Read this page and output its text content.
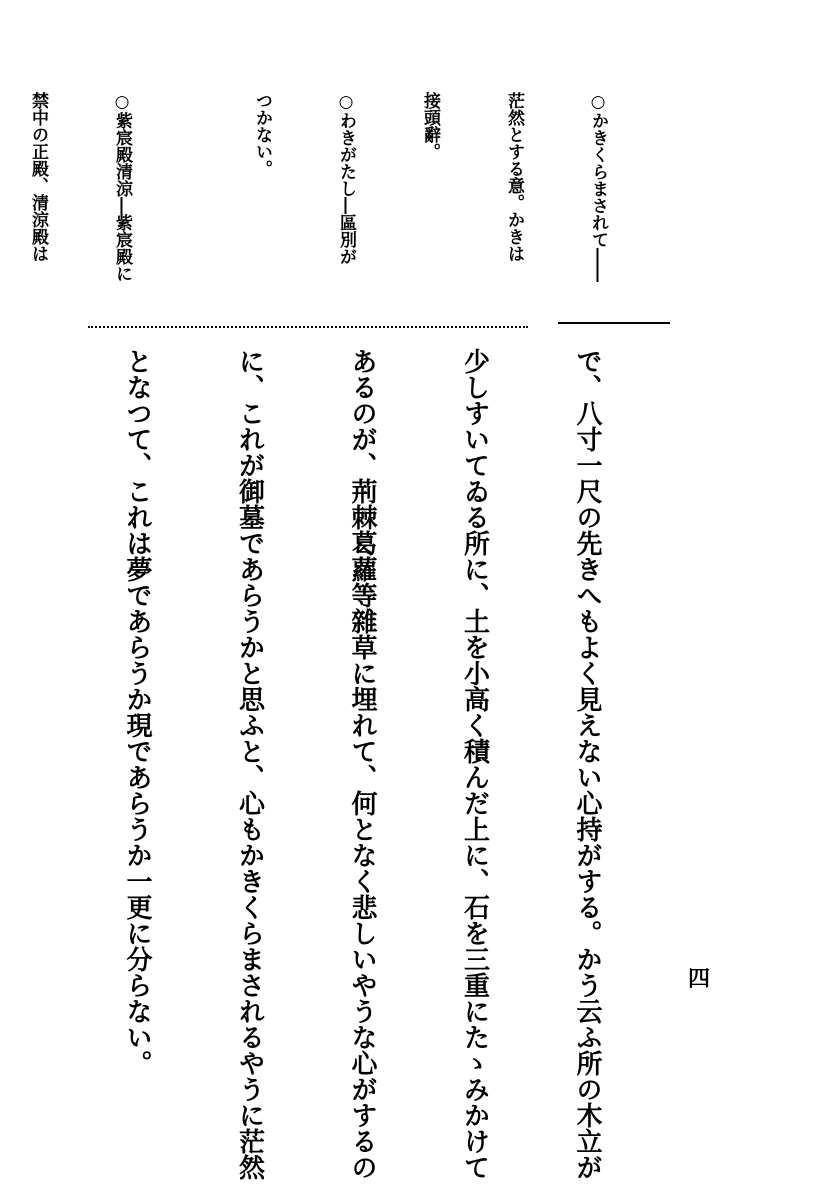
四

○かきくらまされて――

茫然とする意。かきは

接頭辭。

○わきがたし―區別が

つかない。

○紫宸殿清涼―紫宸殿に

禁中の正殿、清涼殿は

で、八寸一尺の先きへもよく見えない心持がする。かう云ふ所の木立が

少しすいてゐる所に、土を小高く積んだ上に、石を三重にたゝみかけて

あるのが、荊棘葛蘿等雜草に埋れて、何となく悲しいやうな心がするの

に、これが御墓であらうかと思ふと、心もかきくらまされるやうに茫然

となつて、これは夢であらうか現であらうか一更に分らない。
